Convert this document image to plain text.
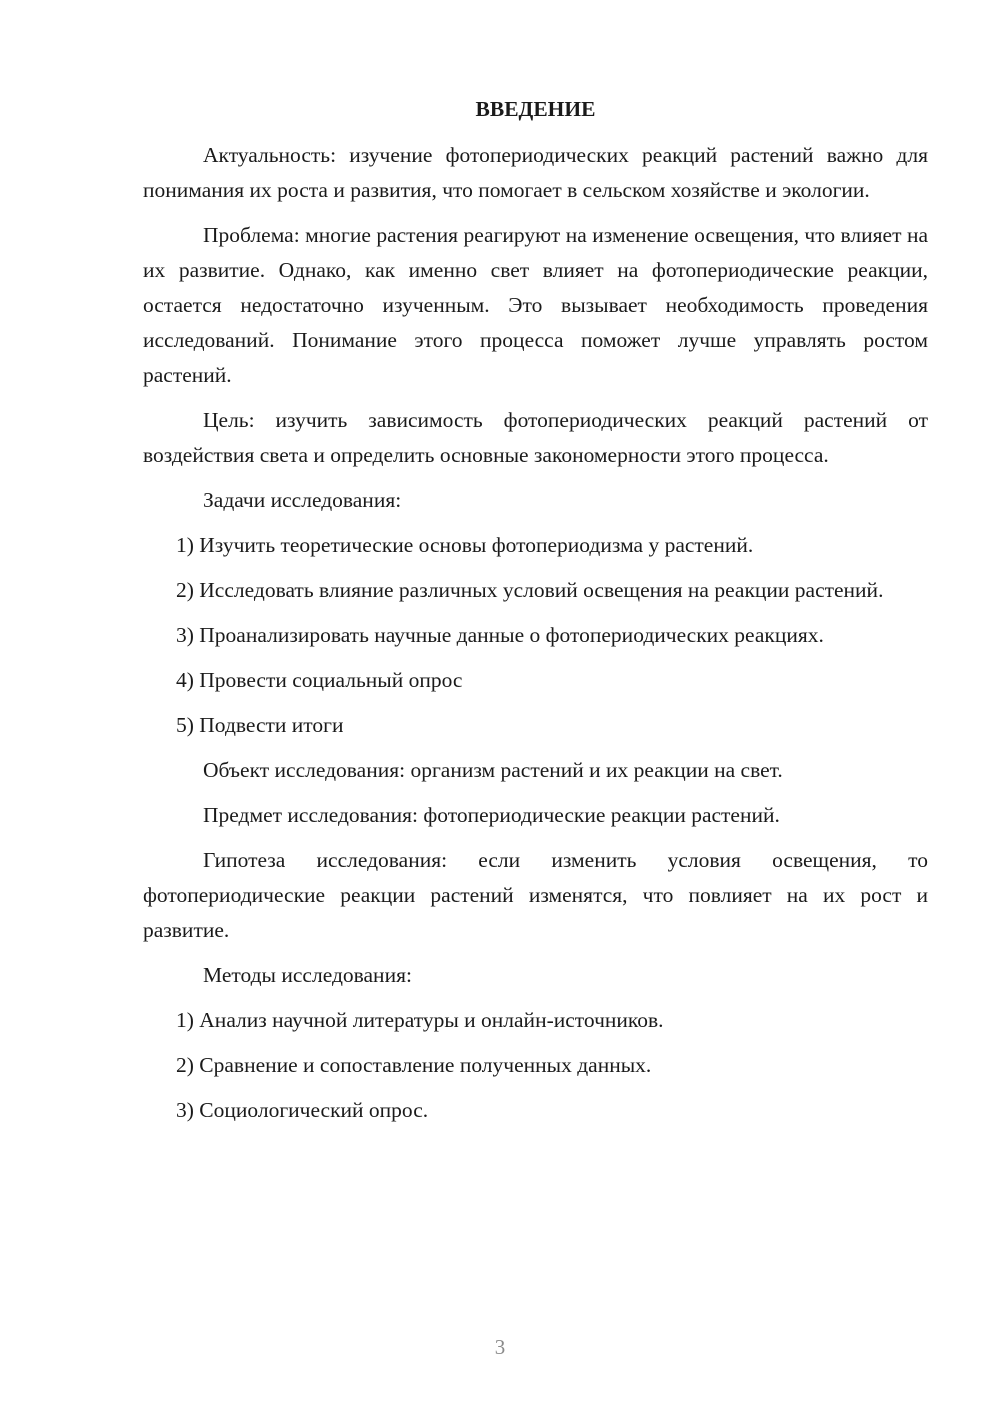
ВВЕДЕНИЕ

Актуальность: изучение фотопериодических реакций растений важно для понимания их роста и развития, что помогает в сельском хозяйстве и экологии.

Проблема: многие растения реагируют на изменение освещения, что влияет на их развитие. Однако, как именно свет влияет на фотопериодические реакции, остается недостаточно изученным. Это вызывает необходимость проведения исследований. Понимание этого процесса поможет лучше управлять ростом растений.

Цель: изучить зависимость фотопериодических реакций растений от воздействия света и определить основные закономерности этого процесса.

Задачи исследования:

1) Изучить теоретические основы фотопериодизма у растений.

2) Исследовать влияние различных условий освещения на реакции растений.

3) Проанализировать научные данные о фотопериодических реакциях.

4) Провести социальный опрос

5) Подвести итоги

Объект исследования: организм растений и их реакции на свет.

Предмет исследования: фотопериодические реакции растений.

Гипотеза исследования: если изменить условия освещения, то фотопериодические реакции растений изменятся, что повлияет на их рост и развитие.

Методы исследования:

1) Анализ научной литературы и онлайн-источников.

2) Сравнение и сопоставление полученных данных.

3) Социологический опрос.

3
